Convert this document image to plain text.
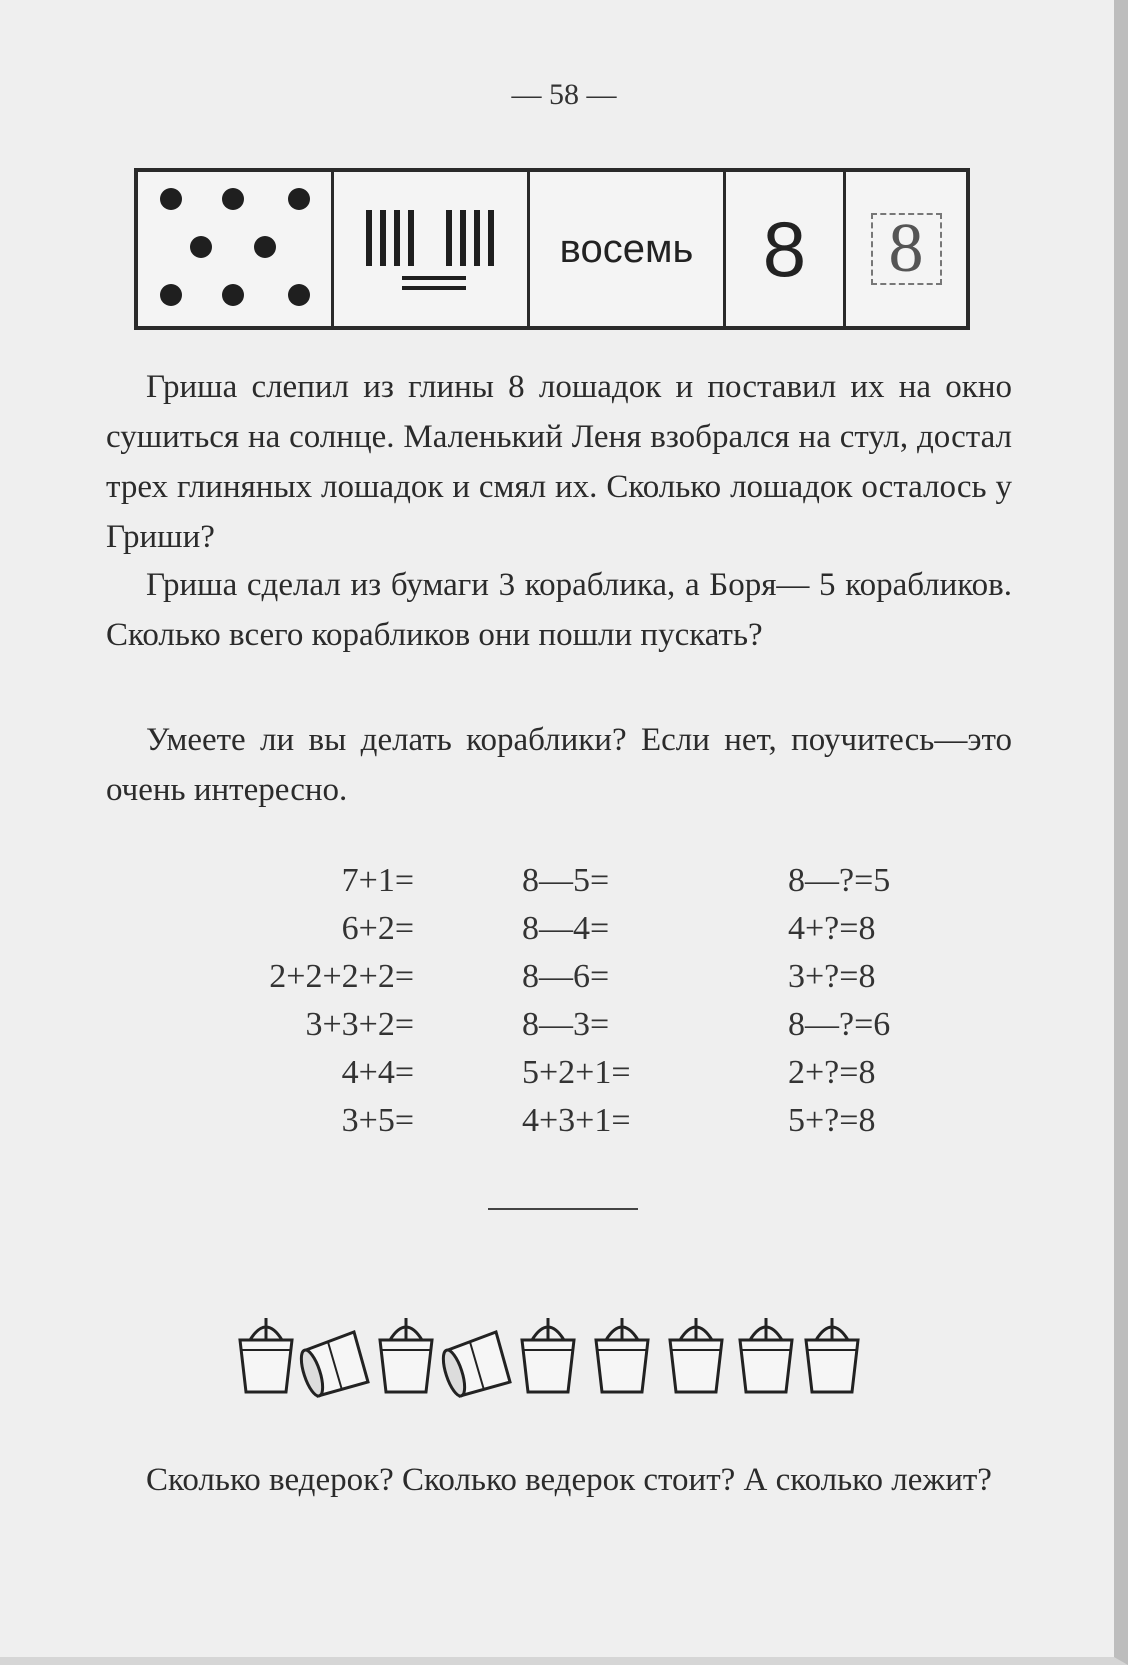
— 58 —
восемь 8 8

Гриша слепил из глины 8 лошадок и поставил их на окно сушиться на солнце. Маленький Леня взобрался на стул, достал трех глиняных лошадок и смял их. Сколько лошадок осталось у Гриши?

Гриша сделал из бумаги 3 кораблика, а Боря— 5 корабликов. Сколько всего корабликов они пошли пускать?

Умеете ли вы делать кораблики? Если нет, поучитесь—это очень интересно.

7+1=
6+2=
2+2+2+2=
3+3+2=
4+4=
3+5=
8—5=
8—4=
8—6=
8—3=
5+2+1=
4+3+1=
8—?=5
4+?=8
3+?=8
8—?=6
2+?=8
5+?=8

Сколько ведерок? Сколько ведерок стоит? А сколько лежит?
